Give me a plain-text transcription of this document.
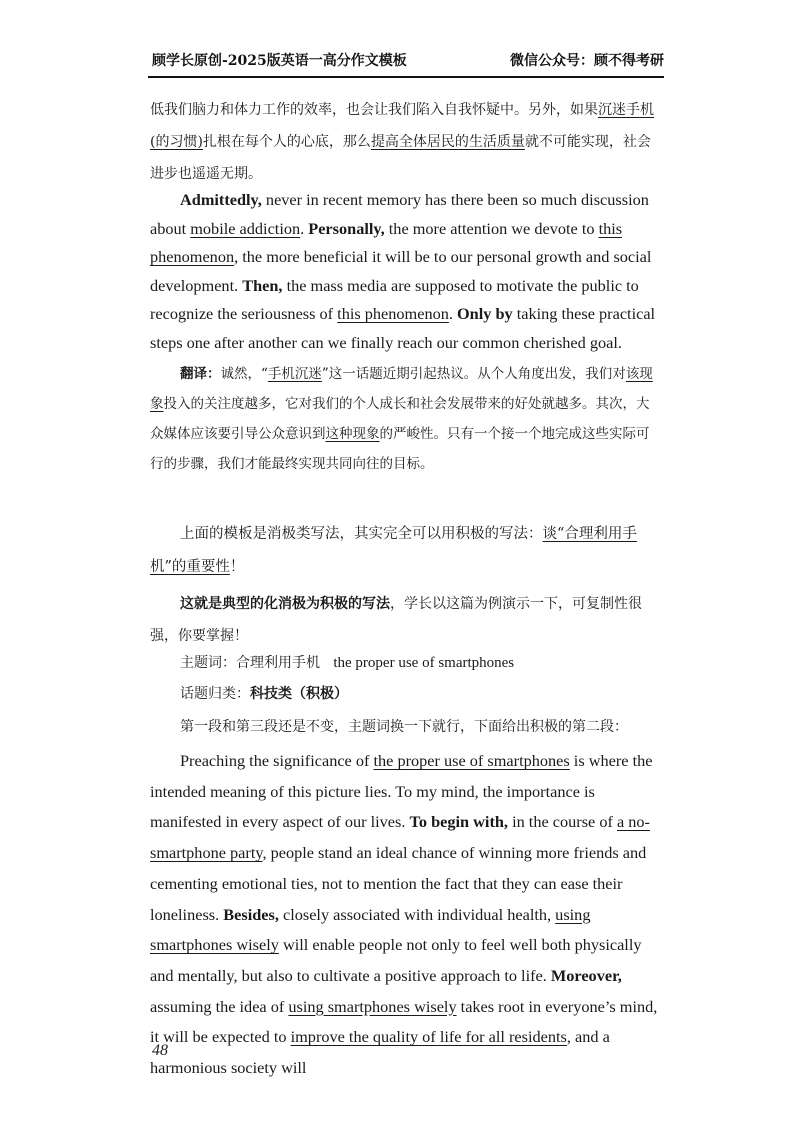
顾学长原创-2025版英语一高分作文模板	微信公众号：顾不得考研
低我们脑力和体力工作的效率，也会让我们陷入自我怀疑中。另外，如果沉迷手机(的习惯)扎根在每个人的心底，那么提高全体居民的生活质量就不可能实现，社会进步也遥遥无期。
Admittedly, never in recent memory has there been so much discussion about mobile addiction. Personally, the more attention we devote to this phenomenon, the more beneficial it will be to our personal growth and social development. Then, the mass media are supposed to motivate the public to recognize the seriousness of this phenomenon. Only by taking these practical steps one after another can we finally reach our common cherished goal.
翻译：诚然，“手机沉迷”这一话题近期引起热议。从个人角度出发，我们对该现象投入的关注度越多，它对我们的个人成长和社会发展带来的好处就越多。其次，大众媒体应该要引导公众意识到这种现象的严峻性。只有一个接一个地完成这些实际可行的步骤，我们才能最终实现共同向往的目标。
上面的模板是消极类写法，其实完全可以用积极的写法：谈“合理利用手机”的重要性！
这就是典型的化消极为积极的写法，学长以这篇为例演示一下，可复制性很强，你要掌握！
主题词：合理利用手机 the proper use of smartphones
话题归类：科技类（积极）
第一段和第三段还是不变，主题词换一下就行，下面给出积极的第二段：
Preaching the significance of the proper use of smartphones is where the intended meaning of this picture lies. To my mind, the importance is manifested in every aspect of our lives. To begin with, in the course of a no-smartphone party, people stand an ideal chance of winning more friends and cementing emotional ties, not to mention the fact that they can ease their loneliness. Besides, closely associated with individual health, using smartphones wisely will enable people not only to feel well both physically and mentally, but also to cultivate a positive approach to life. Moreover, assuming the idea of using smartphones wisely takes root in everyone’s mind, it will be expected to improve the quality of life for all residents, and a harmonious society will
48
